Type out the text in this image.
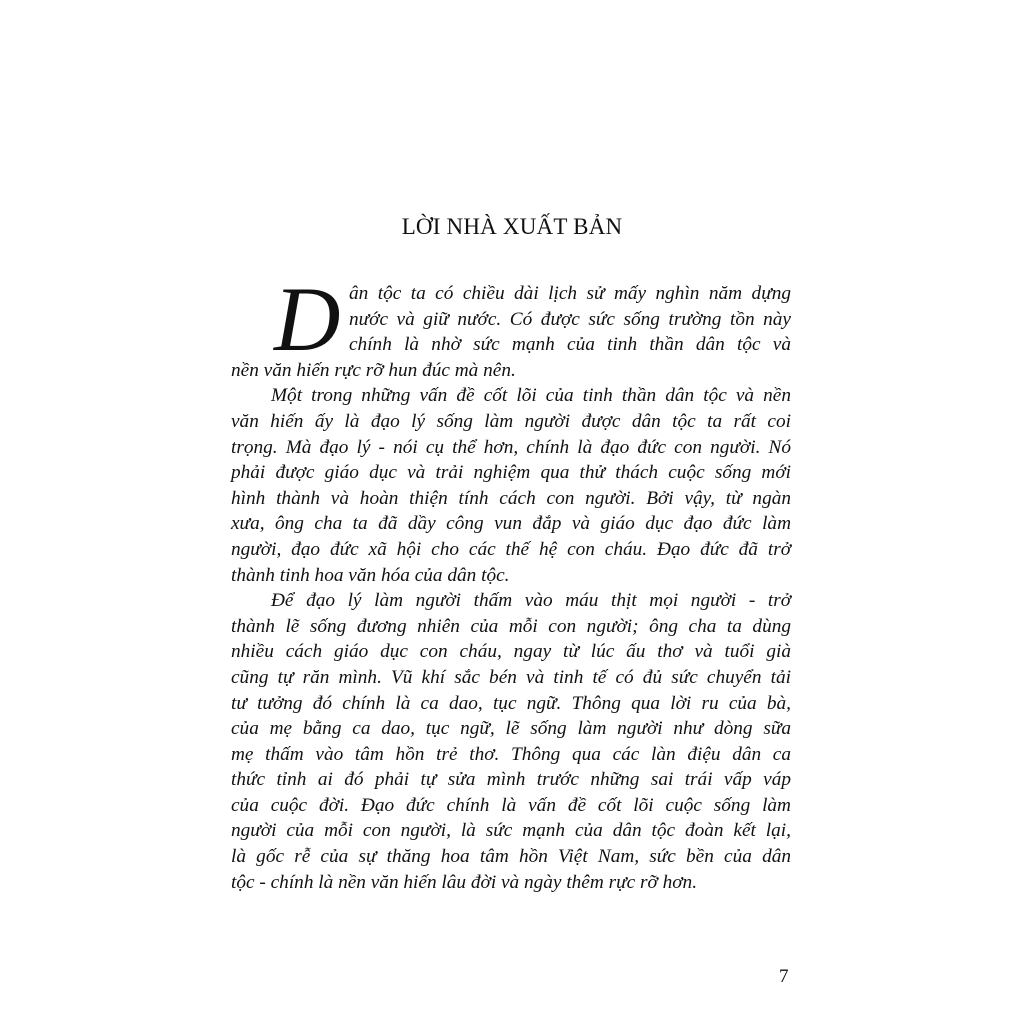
LỜI NHÀ XUẤT BẢN
D ân tộc ta có chiều dài lịch sử mấy nghìn năm dựng
nước và giữ nước. Có được sức sống trường tồn này
chính là nhờ sức mạnh của tinh thần dân tộc và
nền văn hiến rực rỡ hun đúc mà nên.
Một trong những vấn đề cốt lõi của tinh thần dân tộc và nền
văn hiến ấy là đạo lý sống làm người được dân tộc ta rất coi
trọng. Mà đạo lý - nói cụ thể hơn, chính là đạo đức con người. Nó
phải được giáo dục và trải nghiệm qua thử thách cuộc sống mới
hình thành và hoàn thiện tính cách con người. Bởi vậy, từ ngàn
xưa, ông cha ta đã dầy công vun đắp và giáo dục đạo đức làm
người, đạo đức xã hội cho các thế hệ con cháu. Đạo đức đã trở
thành tinh hoa văn hóa của dân tộc.
Để đạo lý làm người thấm vào máu thịt mọi người - trở
thành lẽ sống đương nhiên của mỗi con người; ông cha ta dùng
nhiều cách giáo dục con cháu, ngay từ lúc ấu thơ và tuổi già
cũng tự răn mình. Vũ khí sắc bén và tinh tế có đủ sức chuyển tải
tư tưởng đó chính là ca dao, tục ngữ. Thông qua lời ru của bà,
của mẹ bằng ca dao, tục ngữ, lẽ sống làm người như dòng sữa
mẹ thấm vào tâm hồn trẻ thơ. Thông qua các làn điệu dân ca
thức tỉnh ai đó phải tự sửa mình trước những sai trái vấp váp
của cuộc đời. Đạo đức chính là vấn đề cốt lõi cuộc sống làm
người của mỗi con người, là sức mạnh của dân tộc đoàn kết lại,
là gốc rễ của sự thăng hoa tâm hồn Việt Nam, sức bền của dân
tộc - chính là nền văn hiến lâu đời và ngày thêm rực rỡ hơn.
7
